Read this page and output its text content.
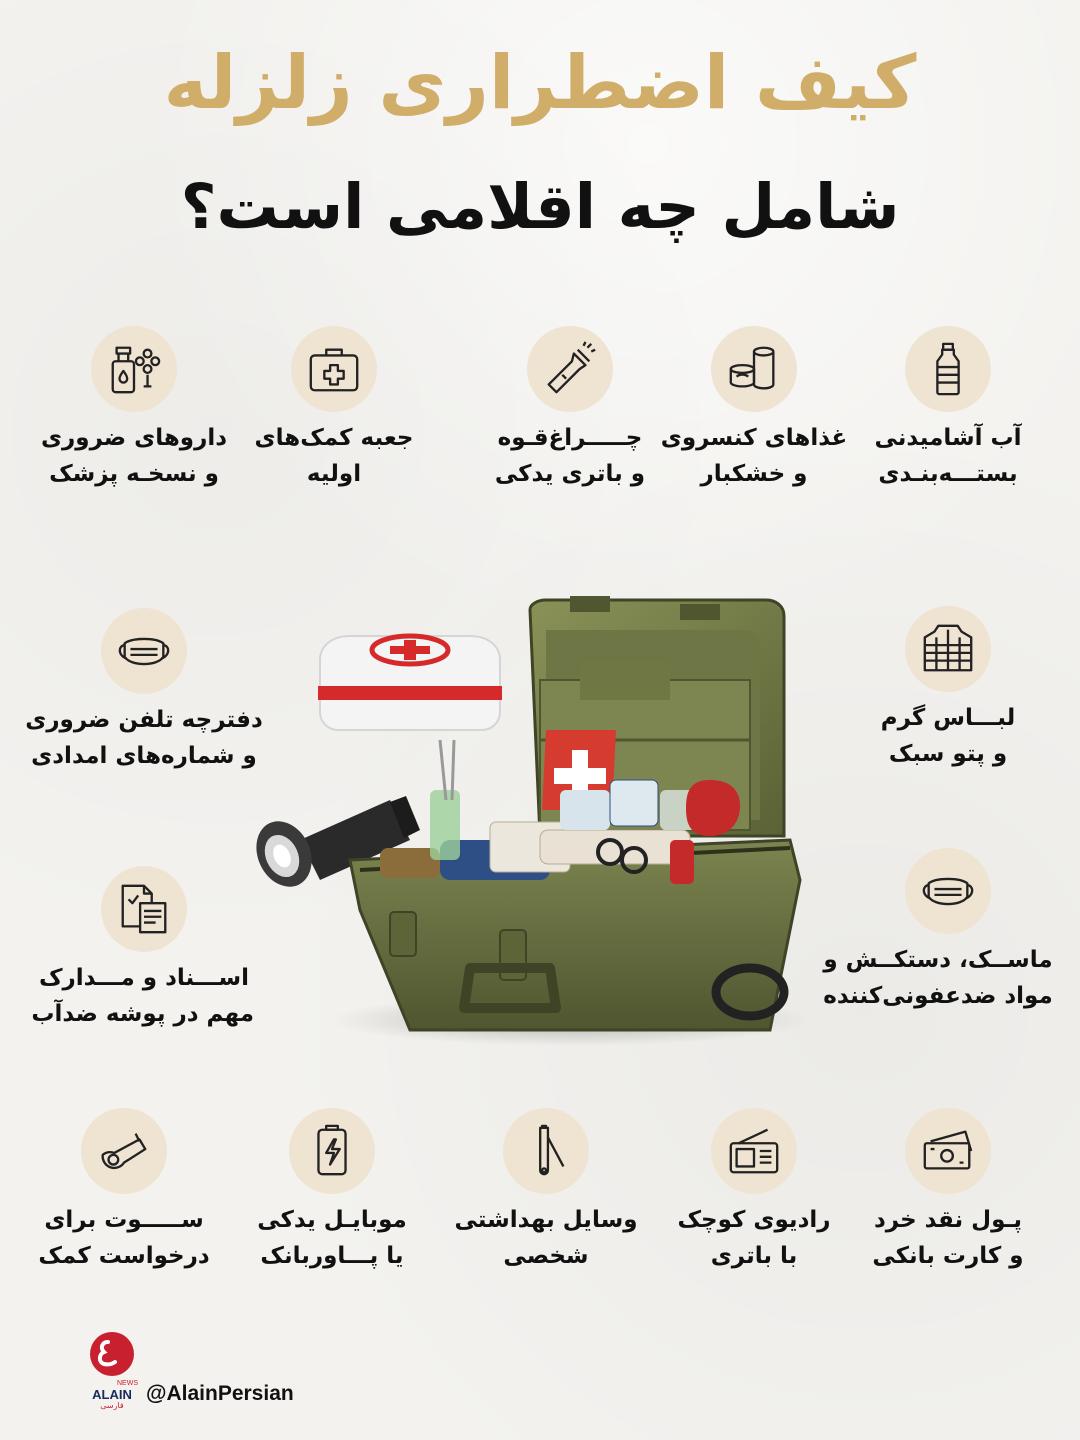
کیف اضطراری زلزله
شامل چه اقلامی است؟
آب آشامیدنی
بستـــه‌بنـدی
غذاهای کنسروی
و خشکبار
چـــــراغ‌قـوه
و باتری یدکی
جعبه کمک‌های
اولیه
داروهای ضروری
و نسخـه پزشک
لبـــاس گرم
و پتو سبک
دفترچه تلفن ضروری
و شماره‌های امدادی
ماســک، دستکــش و
مواد ضدعفونی‌کننده
اســـناد و مـــدارک
مهم در پوشه ضدآب
پـول نقد خرد
و کارت بانکی
رادیوی کوچک
با باتری
وسایل بهداشتی
شخصی
موبایـل یدکی
یا پـــاوربانک
ســـــوت برای
درخواست کمک
NEWS
ALAIN
فارسی
@AlainPersian
